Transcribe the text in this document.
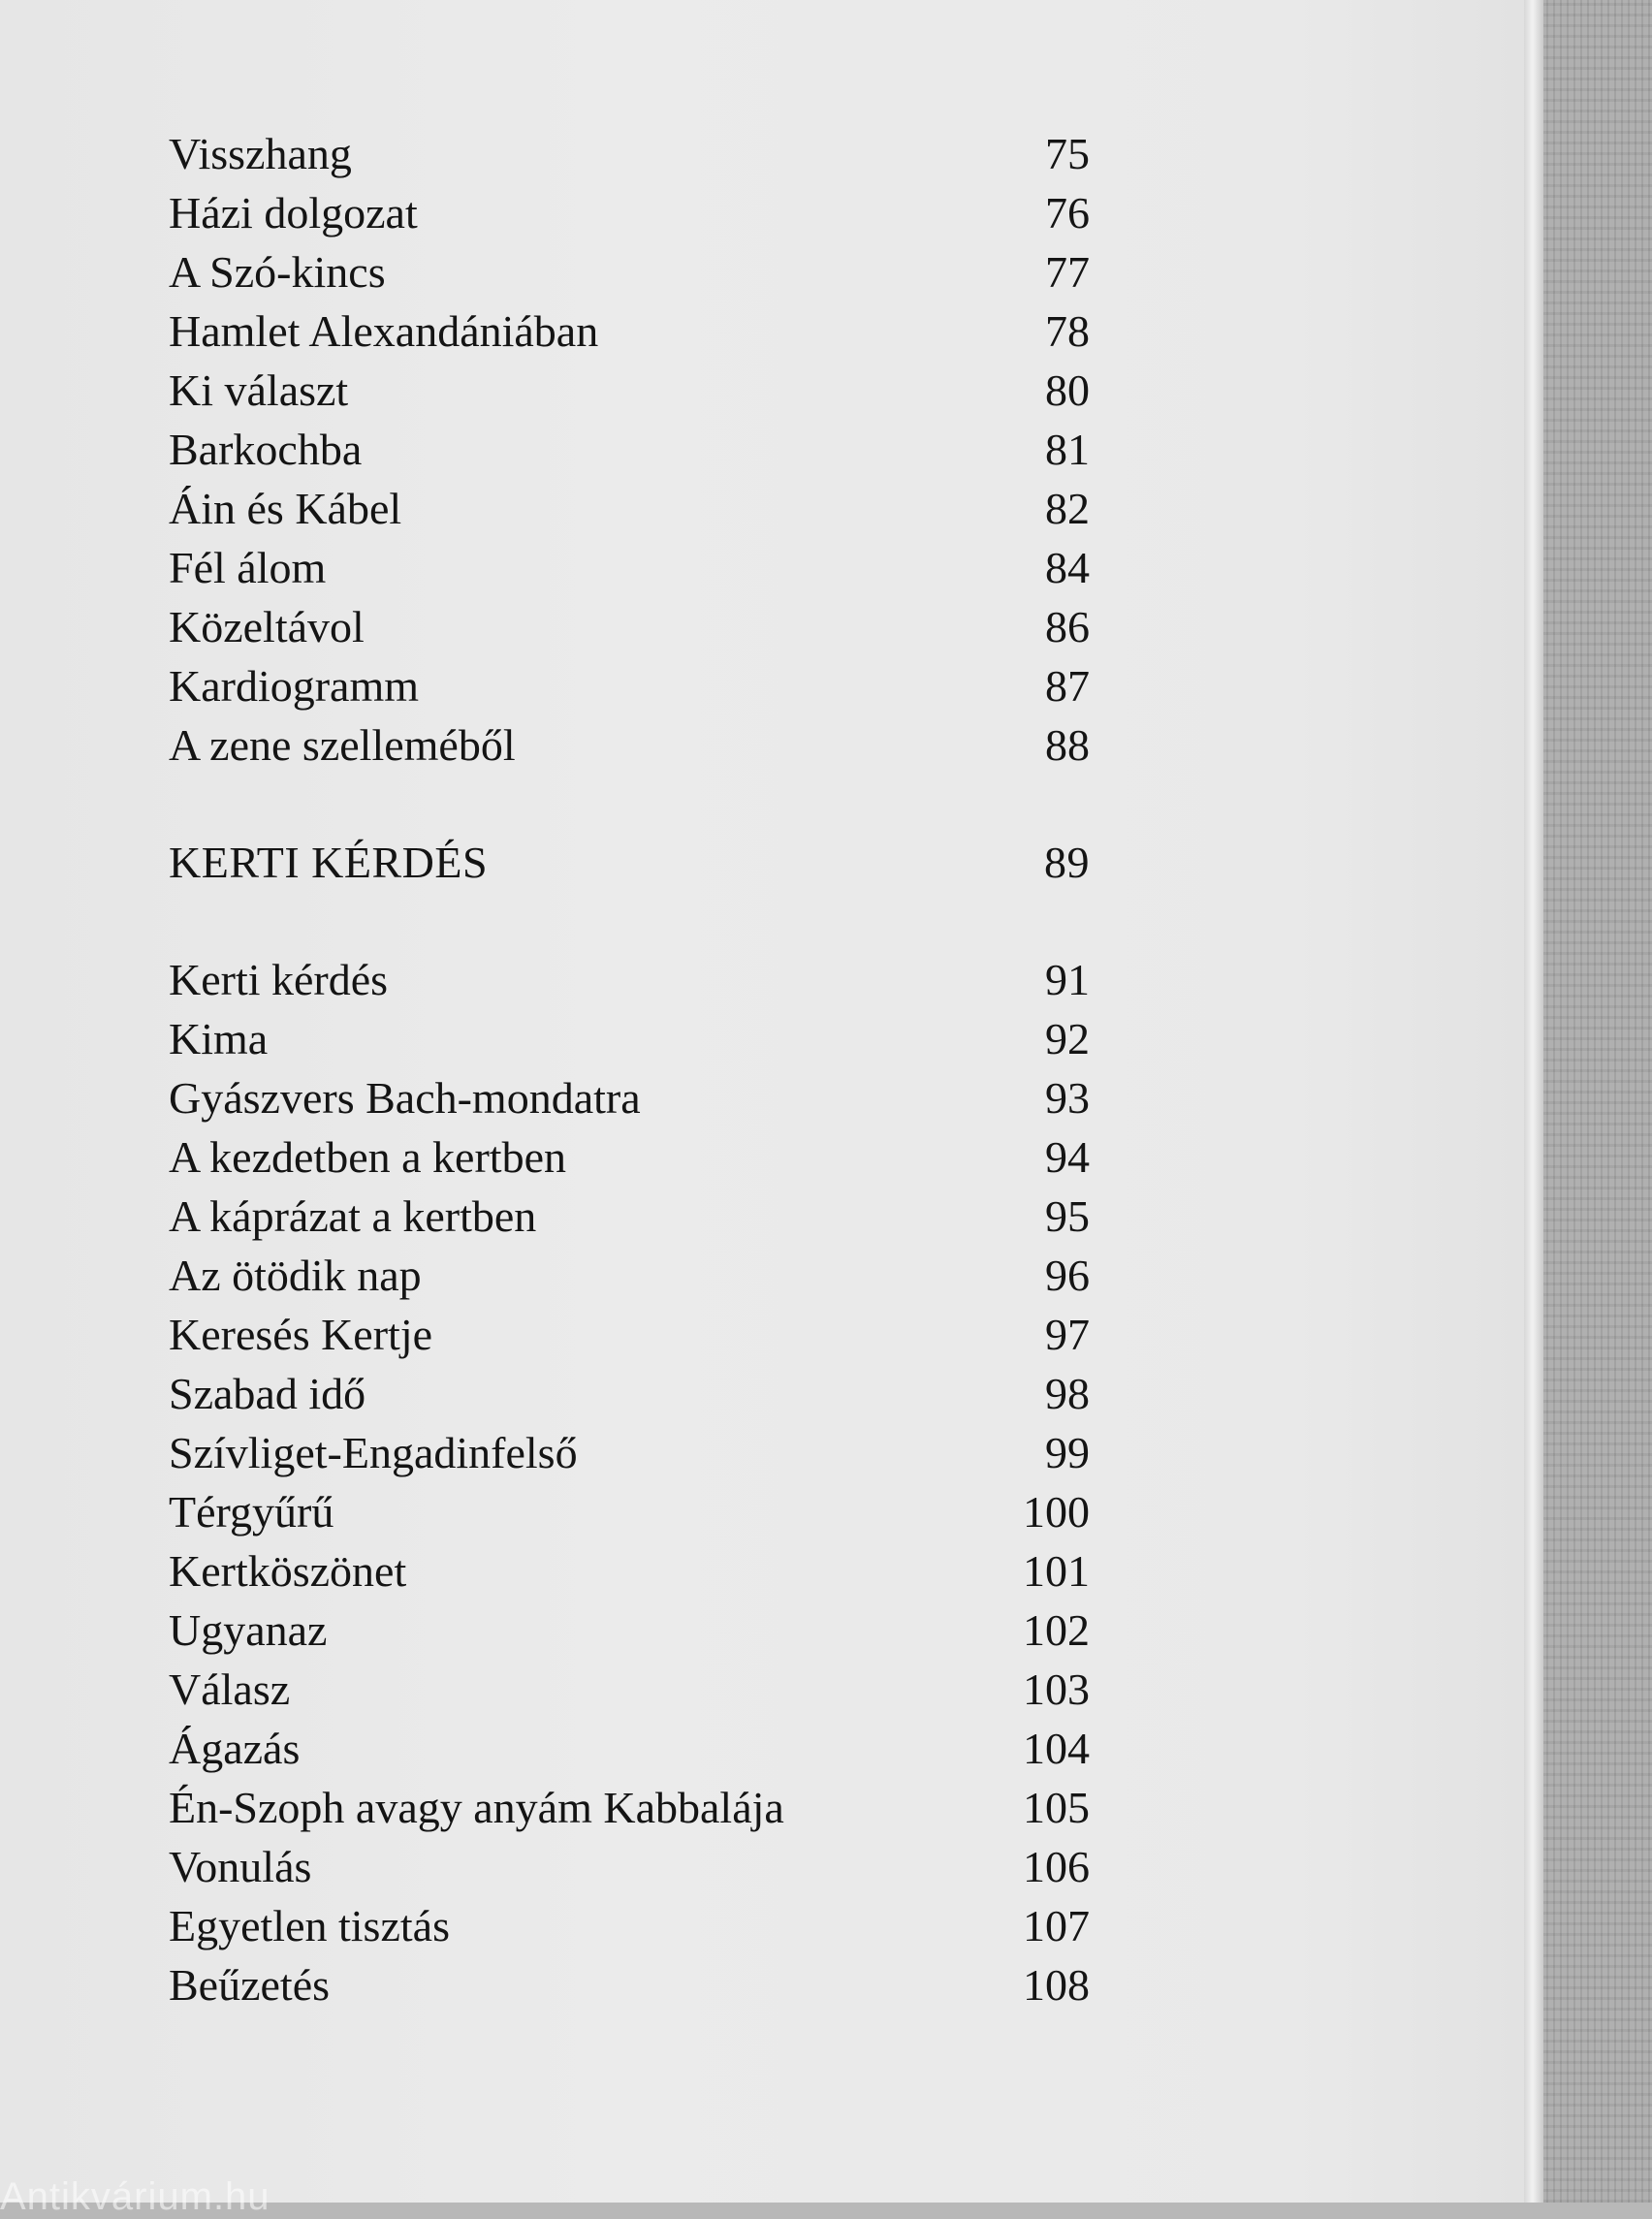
Visszhang	75
Házi dolgozat	76
A Szó-kincs	77
Hamlet Alexandániában	78
Ki választ	80
Barkochba	81
Áin és Kábel	82
Fél álom	84
Közeltávol	86
Kardiogramm	87
A zene szelleméből	88
KERTI KÉRDÉS	89
Kerti kérdés	91
Kima	92
Gyászvers Bach-mondatra	93
A kezdetben a kertben	94
A káprázat a kertben	95
Az ötödik nap	96
Keresés Kertje	97
Szabad idő	98
Szívliget-Engadinfelső	99
Térgyűrű	100
Kertköszönet	101
Ugyanaz	102
Válasz	103
Ágazás	104
Én-Szoph avagy anyám Kabbalája	105
Vonulás	106
Egyetlen tisztás	107
Beűzetés	108
Antikvárium.hu
